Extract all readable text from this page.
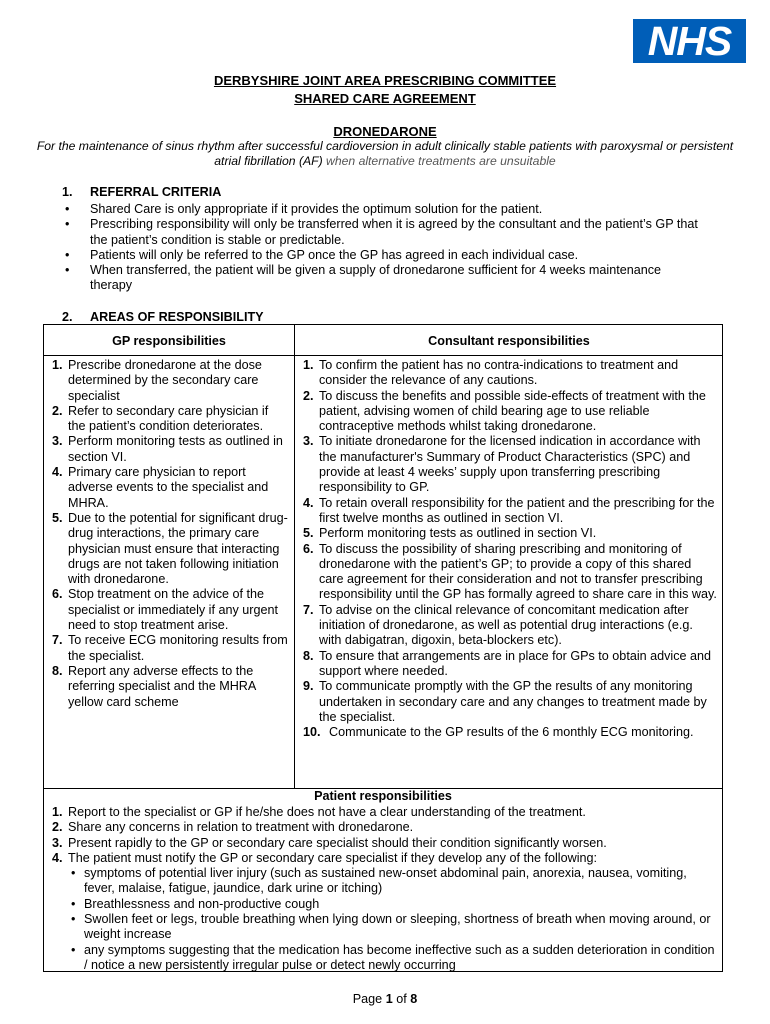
NHS
DERBYSHIRE JOINT AREA PRESCRIBING COMMITTEE
SHARED CARE AGREEMENT
DRONEDARONE
For the maintenance of sinus rhythm after successful cardioversion in adult clinically stable patients with paroxysmal or persistent atrial fibrillation (AF) when alternative treatments are unsuitable
1. REFERRAL CRITERIA
• Shared Care is only appropriate if it provides the optimum solution for the patient.
• Prescribing responsibility will only be transferred when it is agreed by the consultant and the patient’s GP that the patient’s condition is stable or predictable.
• Patients will only be referred to the GP once the GP has agreed in each individual case.
• When transferred, the patient will be given a supply of dronedarone sufficient for 4 weeks maintenance therapy
2. AREAS OF RESPONSIBILITY
GP responsibilities	Consultant responsibilities
1. Prescribe dronedarone at the dose determined by the secondary care specialist
2. Refer to secondary care physician if the patient’s condition deteriorates.
3. Perform monitoring tests as outlined in section VI.
4. Primary care physician to report adverse events to the specialist and MHRA.
5. Due to the potential for significant drug-drug interactions, the primary care physician must ensure that interacting drugs are not taken following initiation with dronedarone.
6. Stop treatment on the advice of the specialist or immediately if any urgent need to stop treatment arise.
7. To receive ECG monitoring results from the specialist.
8. Report any adverse effects to the referring specialist and the MHRA yellow card scheme
1. To confirm the patient has no contra-indications to treatment and consider the relevance of any cautions.
2. To discuss the benefits and possible side-effects of treatment with the patient, advising women of child bearing age to use reliable contraceptive methods whilst taking dronedarone.
3. To initiate dronedarone for the licensed indication in accordance with the manufacturer's Summary of Product Characteristics (SPC) and provide at least 4 weeks’ supply upon transferring prescribing responsibility to GP.
4. To retain overall responsibility for the patient and the prescribing for the first twelve months as outlined in section VI.
5. Perform monitoring tests as outlined in section VI.
6. To discuss the possibility of sharing prescribing and monitoring of dronedarone with the patient’s GP; to provide a copy of this shared care agreement for their consideration and not to transfer prescribing responsibility until the GP has formally agreed to share care in this way.
7. To advise on the clinical relevance of concomitant medication after initiation of dronedarone, as well as potential drug interactions (e.g. with dabigatran, digoxin, beta-blockers etc).
8. To ensure that arrangements are in place for GPs to obtain advice and support where needed.
9. To communicate promptly with the GP the results of any monitoring undertaken in secondary care and any changes to treatment made by the specialist.
10. Communicate to the GP results of the 6 monthly ECG monitoring.
Patient responsibilities
1. Report to the specialist or GP if he/she does not have a clear understanding of the treatment.
2. Share any concerns in relation to treatment with dronedarone.
3. Present rapidly to the GP or secondary care specialist should their condition significantly worsen.
4. The patient must notify the GP or secondary care specialist if they develop any of the following:
• symptoms of potential liver injury (such as sustained new-onset abdominal pain, anorexia, nausea, vomiting, fever, malaise, fatigue, jaundice, dark urine or itching)
• Breathlessness and non-productive cough
• Swollen feet or legs, trouble breathing when lying down or sleeping, shortness of breath when moving around, or weight increase
• any symptoms suggesting that the medication has become ineffective such as a sudden deterioration in condition / notice a new persistently irregular pulse or detect newly occurring
Page 1 of 8
